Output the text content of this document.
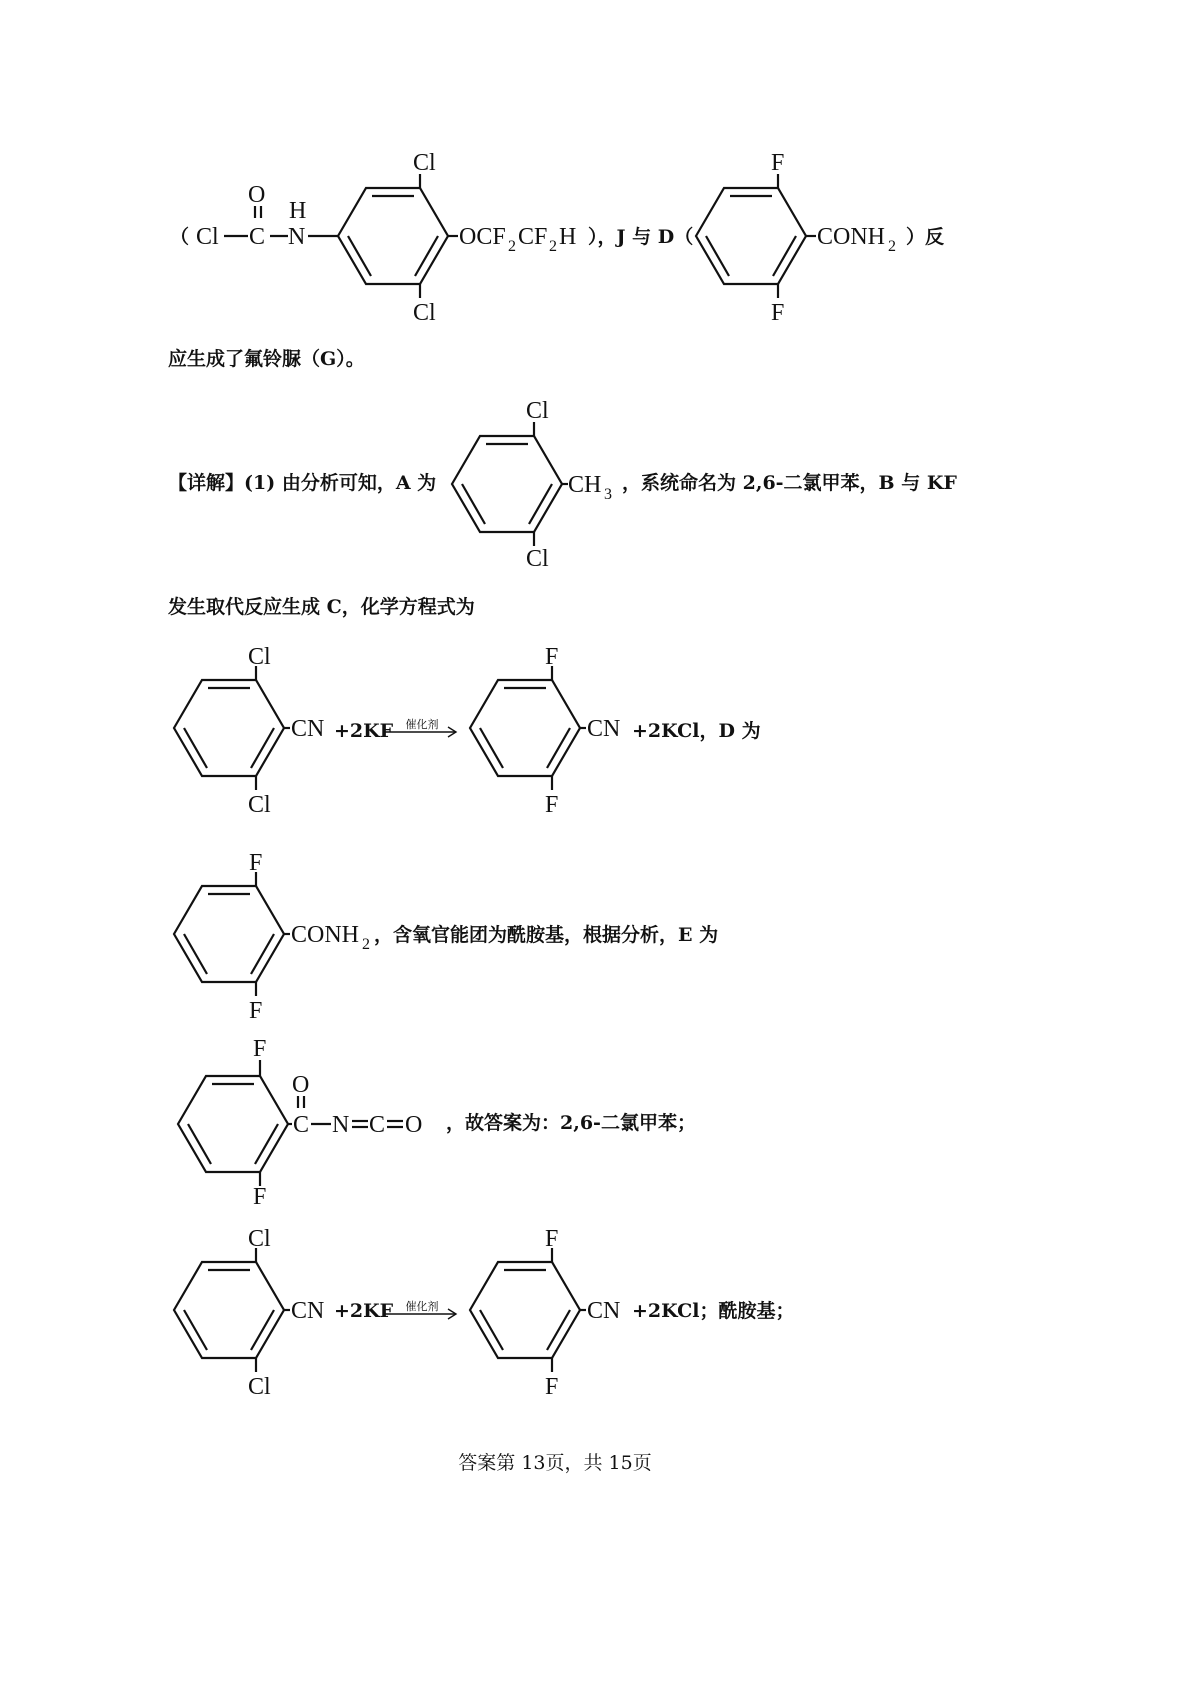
（ Cl C
O
H
N
Cl
Cl
OCF 2 CF 2 H ），J 与 D（
F
F
CONH 2 ）反
应生成了氟铃脲（G）。
【详解】(1) 由分析可知，A 为
Cl
Cl
CH 3
，系统命名为 2,6-二氯甲苯，B 与 KF
发生取代反应生成 C，化学方程式为
Cl
Cl
CN +2KF	催化剂
F
F
CN +2KCl，D 为
F
F
CONH 2 ，含氧官能团为酰胺基，根据分析，E 为
F
F
C
O
N C O ，故答案为：2,6-二氯甲苯；
Cl
Cl
CN +2KF	催化剂
F
F
CN +2KCl；酰胺基；
答案第 13页，共 15页
